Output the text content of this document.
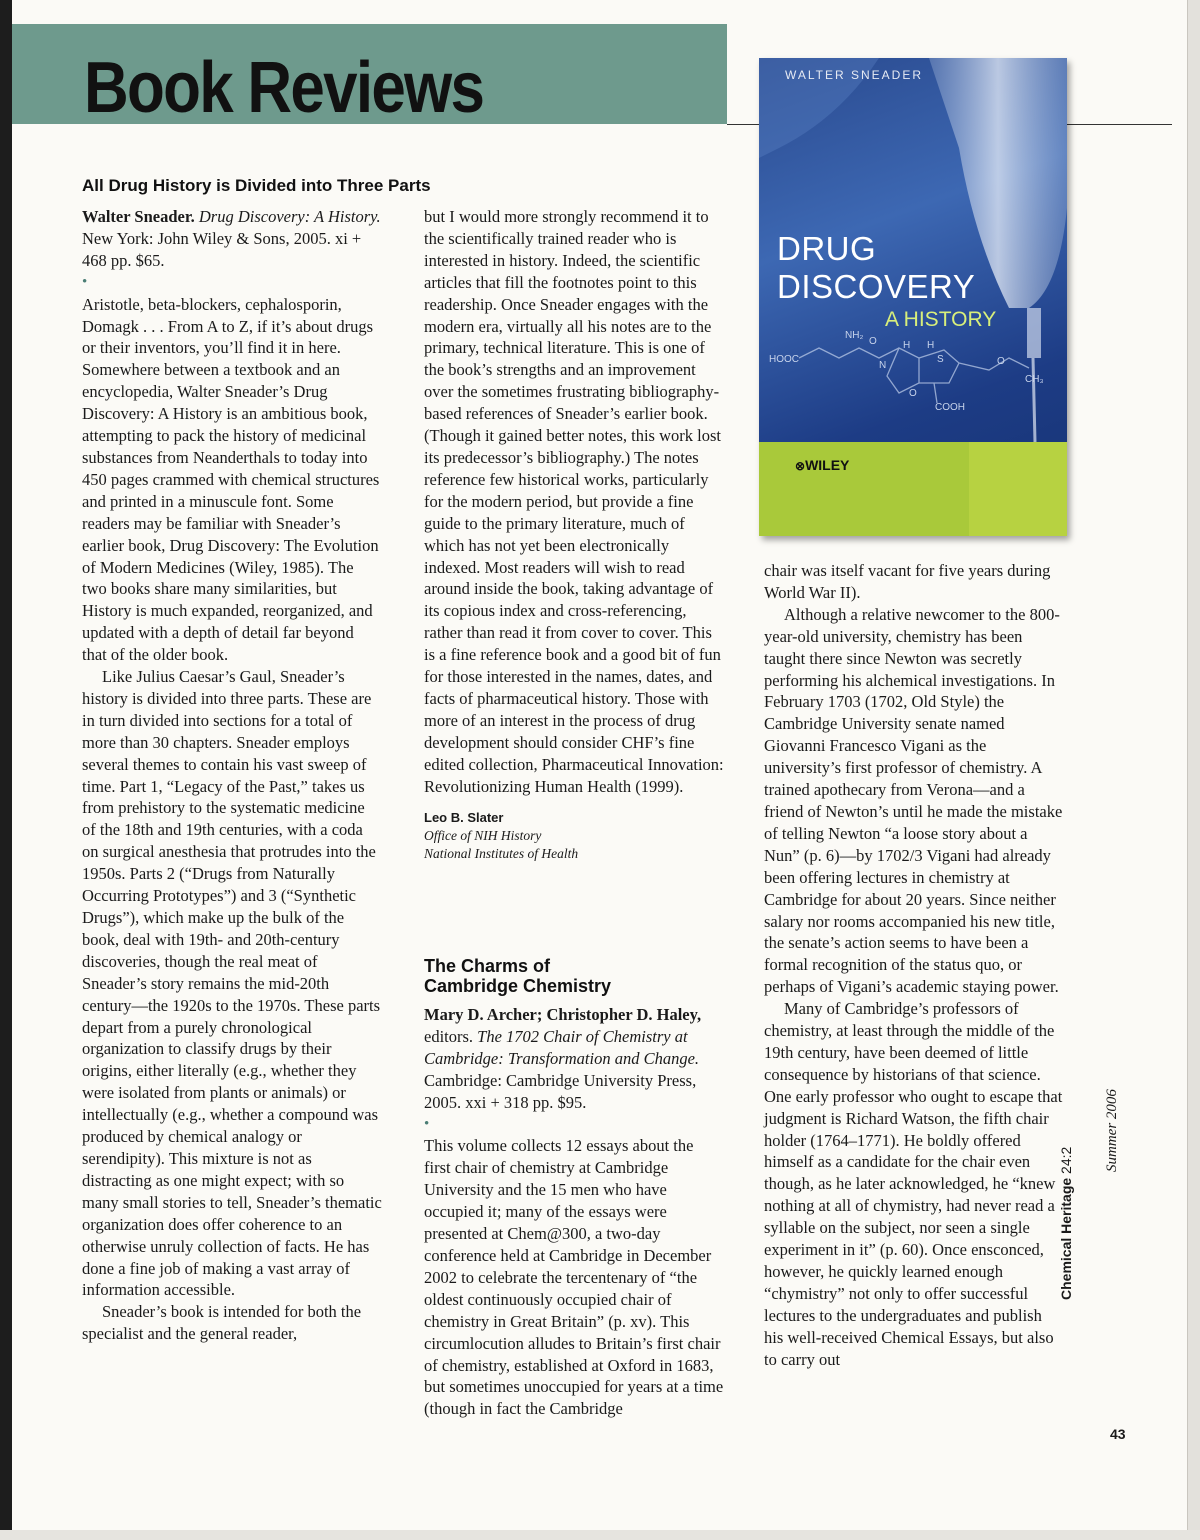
Book Reviews
All Drug History is Divided into Three Parts

Walter Sneader. Drug Discovery: A History. New York: John Wiley & Sons, 2005. xi + 468 pp. $65.

•

Aristotle, beta-blockers, cephalosporin, Domagk . . . From A to Z, if it’s about drugs or their inventors, you’ll find it in here. Somewhere between a textbook and an encyclopedia, Walter Sneader’s Drug Discovery: A History is an ambitious book, attempting to pack the history of medicinal substances from Neanderthals to today into 450 pages crammed with chemical structures and printed in a minuscule font. Some readers may be familiar with Sneader’s earlier book, Drug Discovery: The Evolution of Modern Medicines (Wiley, 1985). The two books share many similarities, but History is much expanded, reorganized, and updated with a depth of detail far beyond that of the older book.

Like Julius Caesar’s Gaul, Sneader’s history is divided into three parts. These are in turn divided into sections for a total of more than 30 chapters. Sneader employs several themes to contain his vast sweep of time. Part 1, “Legacy of the Past,” takes us from prehistory to the systematic medicine of the 18th and 19th centuries, with a coda on surgical anesthesia that protrudes into the 1950s. Parts 2 (“Drugs from Naturally Occurring Prototypes”) and 3 (“Synthetic Drugs”), which make up the bulk of the book, deal with 19th- and 20th-century discoveries, though the real meat of Sneader’s story remains the mid-20th century—the 1920s to the 1970s. These parts depart from a purely chronological organization to classify drugs by their origins, either literally (e.g., whether they were isolated from plants or animals) or intellectually (e.g., whether a compound was produced by chemical analogy or serendipity). This mixture is not as distracting as one might expect; with so many small stories to tell, Sneader’s thematic organization does offer coherence to an otherwise unruly collection of facts. He has done a fine job of making a vast array of information accessible.

Sneader’s book is intended for both the specialist and the general reader,

but I would more strongly recommend it to the scientifically trained reader who is interested in history. Indeed, the scientific articles that fill the footnotes point to this readership. Once Sneader engages with the modern era, virtually all his notes are to the primary, technical literature. This is one of the book’s strengths and an improvement over the sometimes frustrating bibliography-based references of Sneader’s earlier book. (Though it gained better notes, this work lost its predecessor’s bibliography.) The notes reference few historical works, particularly for the modern period, but provide a fine guide to the primary literature, much of which has not yet been electronically indexed. Most readers will wish to read around inside the book, taking advantage of its copious index and cross-referencing, rather than read it from cover to cover. This is a fine reference book and a good bit of fun for those interested in the names, dates, and facts of pharmaceutical history. Those with more of an interest in the process of drug development should consider CHF’s fine edited collection, Pharmaceutical Innovation: Revolutionizing Human Health (1999).

Leo B. Slater
Office of NIH History
National Institutes of Health
The Charms of
Cambridge Chemistry

Mary D. Archer; Christopher D. Haley, editors. The 1702 Chair of Chemistry at Cambridge: Transformation and Change. Cambridge: Cambridge University Press, 2005. xxi + 318 pp. $95.

•

This volume collects 12 essays about the first chair of chemistry at Cambridge University and the 15 men who have occupied it; many of the essays were presented at Chem@300, a two-day conference held at Cambridge in December 2002 to celebrate the tercentenary of “the oldest continuously occupied chair of chemistry in Great Britain” (p. xv). This circumlocution alludes to Britain’s first chair of chemistry, established at Oxford in 1683, but sometimes unoccupied for years at a time (though in fact the Cambridge

chair was itself vacant for five years during World War II).

Although a relative newcomer to the 800-year-old university, chemistry has been taught there since Newton was secretly performing his alchemical investigations. In February 1703 (1702, Old Style) the Cambridge University senate named Giovanni Francesco Vigani as the university’s first professor of chemistry. A trained apothecary from Verona—and a friend of Newton’s until he made the mistake of telling Newton “a loose story about a Nun” (p. 6)—by 1702/3 Vigani had already been offering lectures in chemistry at Cambridge for about 20 years. Since neither salary nor rooms accompanied his new title, the senate’s action seems to have been a formal recognition of the status quo, or perhaps of Vigani’s academic staying power.

Many of Cambridge’s professors of chemistry, at least through the middle of the 19th century, have been deemed of little consequence by historians of that science. One early professor who ought to escape that judgment is Richard Watson, the fifth chair holder (1764–1771). He boldly offered himself as a candidate for the chair even though, as he later acknowledged, he “knew nothing at all of chymistry, had never read a syllable on the subject, nor seen a single experiment in it” (p. 60). Once ensconced, however, he quickly learned enough “chymistry” not only to offer successful lectures to the undergraduates and publish his well-received Chemical Essays, but also to carry out

WALTER SNEADER
DRUG
DISCOVERY
A HISTORY
NH₂
HOOC
H H
S
N
O
O
COOH
O
CH₃
⊗WILEY
Chemical Heritage 24:2	Summer 2006
43
